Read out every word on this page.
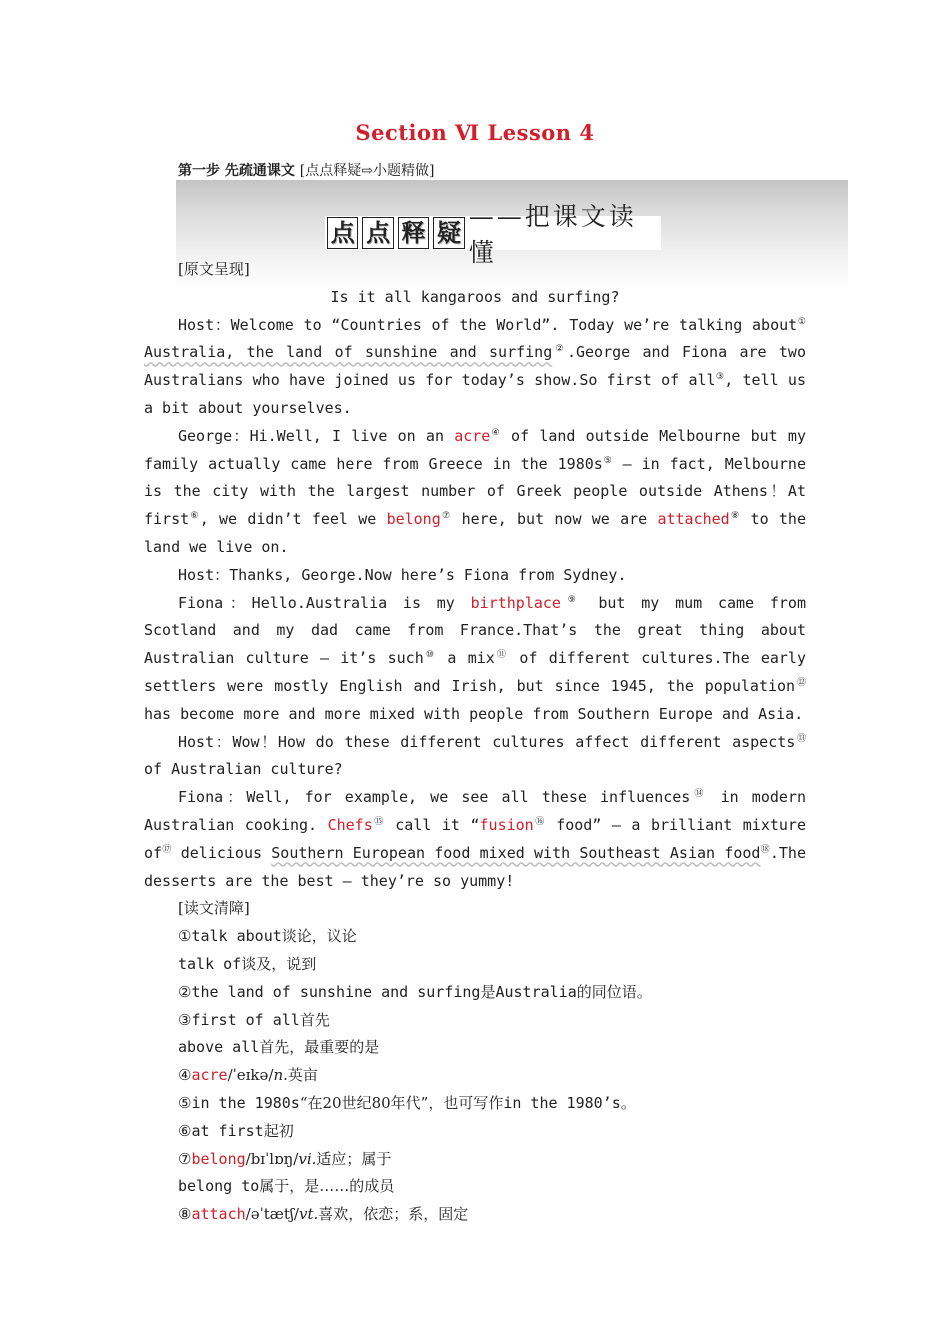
Section Ⅵ Lesson 4
第一步 先疏通课文 [点点释疑⇨小题精做]
点 点 释 疑
——把课文读懂

[原文呈现]

Is it all kangaroos and surfing?

Host：Welcome to “Countries of the World”. Today we’re talking about① Australia, the land of sunshine and surfing②.George and Fiona are two Australians who have joined us for today’s show.So first of all③, tell us a bit about yourselves.

George：Hi.Well, I live on an acre④ of land outside Melbourne but my family actually came here from Greece in the 1980s⑤ — in fact, Melbourne is the city with the largest number of Greek people outside Athens！At first⑥, we didn’t feel we belong⑦ here, but now we are attached⑧ to the land we live on.

Host：Thanks, George.Now here’s Fiona from Sydney.

Fiona：Hello.Australia is my birthplace⑨ but my mum came from Scotland and my dad came from France.That’s the great thing about Australian culture — it’s such⑩ a mix⑪ of different cultures.The early settlers were mostly English and Irish, but since 1945, the population⑫ has become more and more mixed with people from Southern Europe and Asia.

Host：Wow！How do these different cultures affect different aspects⑬ of Australian culture?

Fiona：Well, for example, we see all these influences⑭ in modern Australian cooking. Chefs⑮ call it “fusion⑯ food” — a brilliant mixture of⑰ delicious Southern European food mixed with Southeast Asian food⑱.The desserts are the best — they’re so yummy!

[读文清障]

①talk about谈论，议论

talk of谈及，说到

②the land of sunshine and surfing是Australia的同位语。

③first of all首先

above all首先，最重要的是

④acre/ˈeɪkə/n.英亩

⑤in the 1980s“在20世纪80年代”，也可写作in the 1980’s。

⑥at first起初

⑦belong/bɪˈlɒŋ/vi.适应；属于

belong to属于，是……的成员

⑧attach/əˈtætʃ/vt.喜欢，依恋；系，固定
